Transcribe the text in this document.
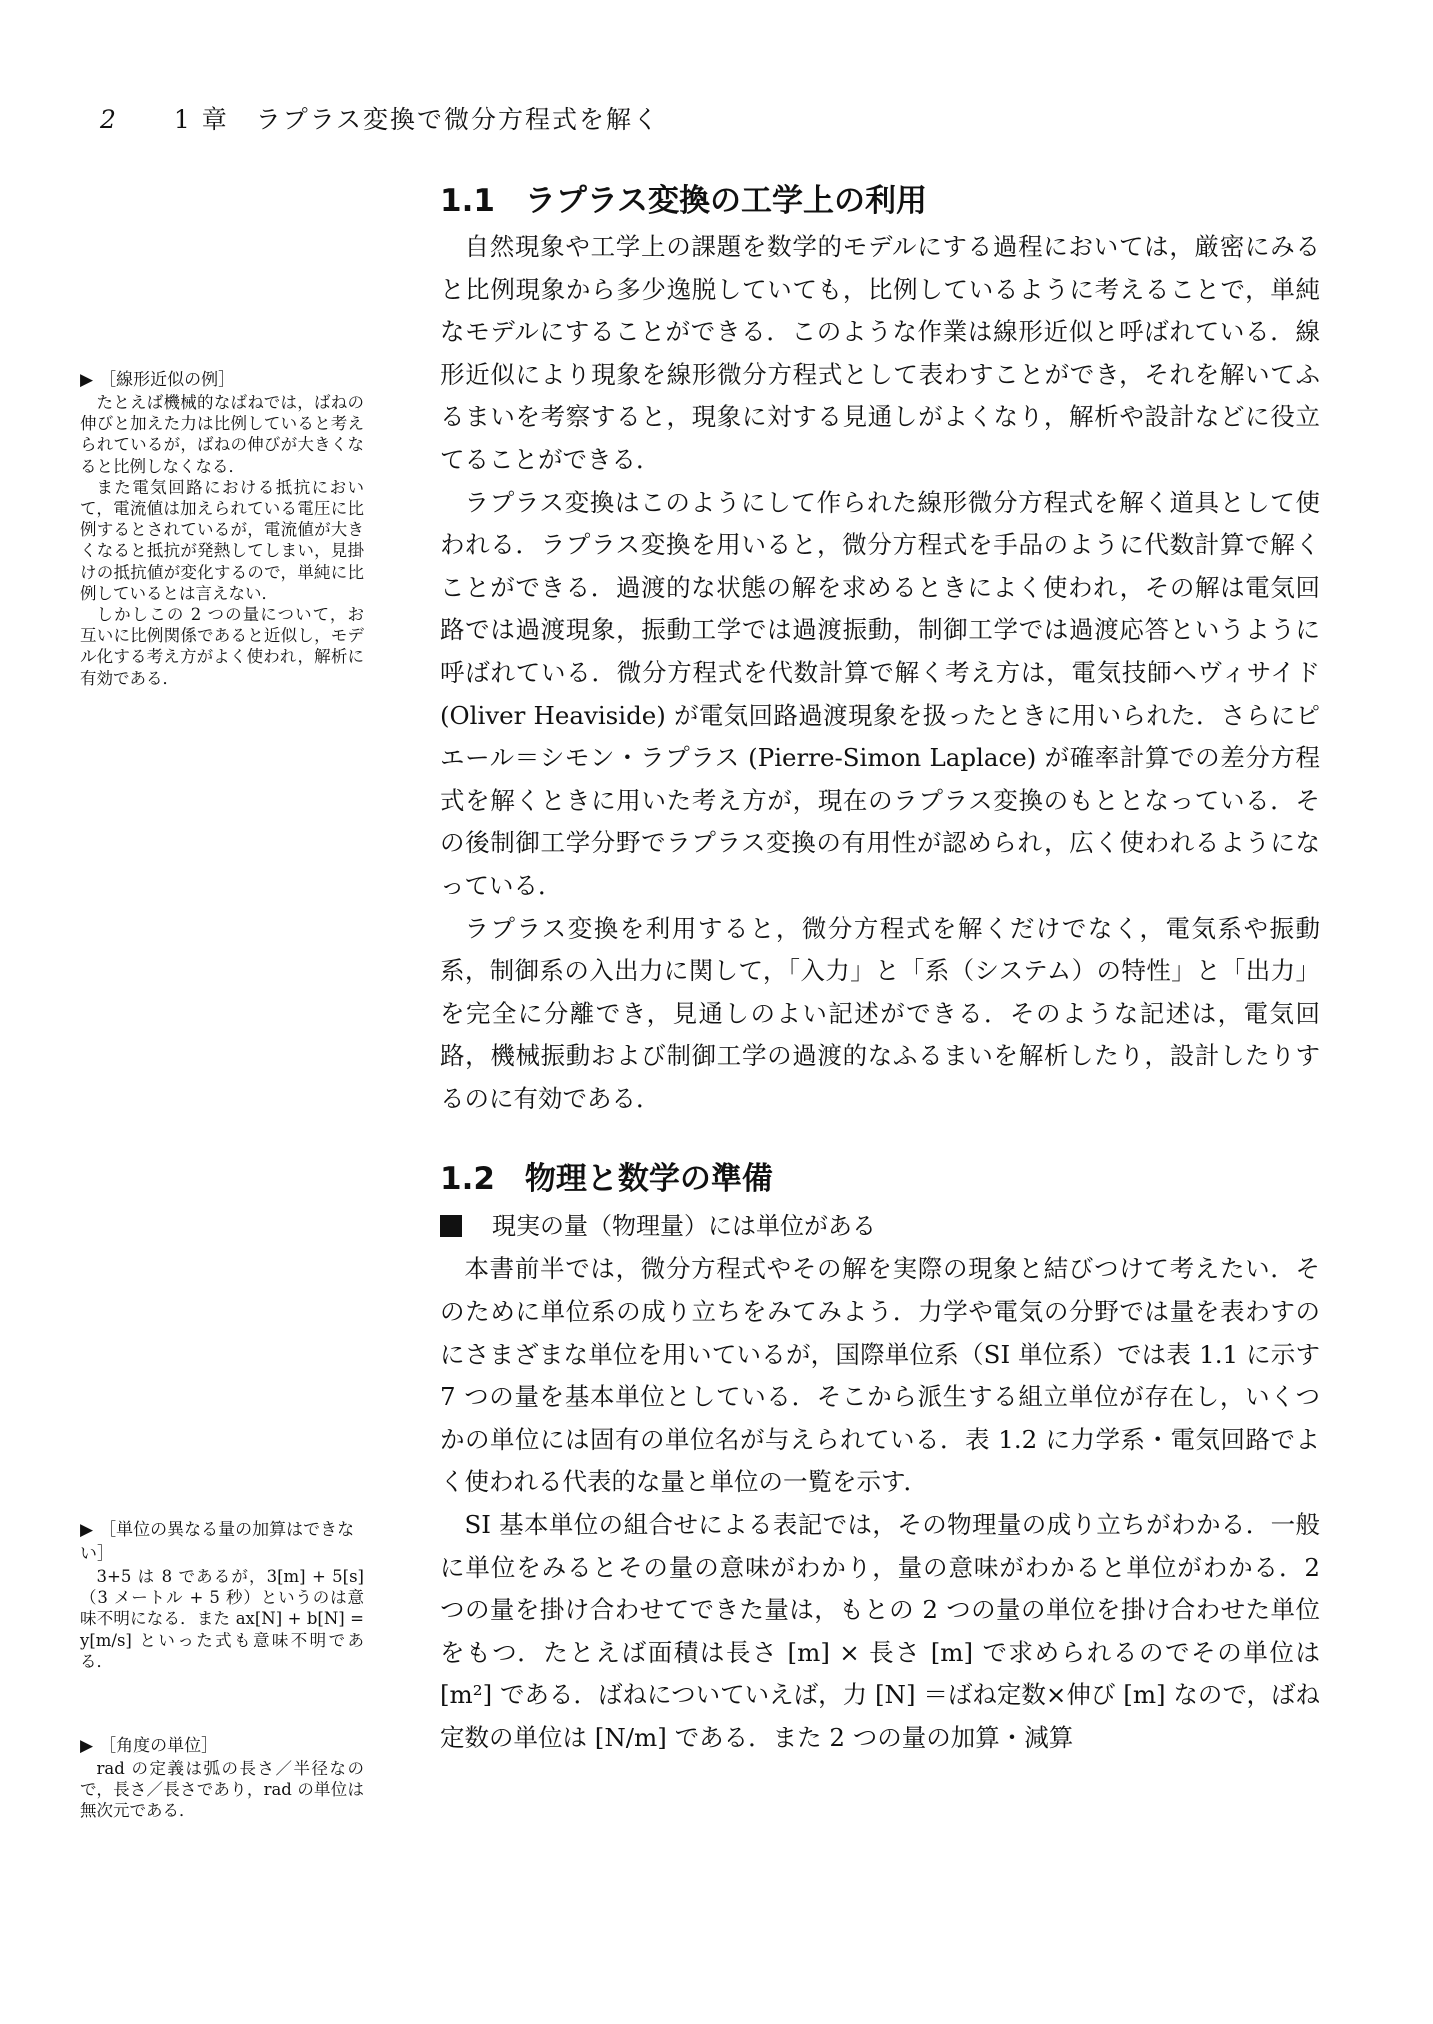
2 1 章　ラプラス変換で微分方程式を解く
1.1 ラプラス変換の工学上の利用

自然現象や工学上の課題を数学的モデルにする過程においては，厳密にみると比例現象から多少逸脱していても，比例しているように考えることで，単純なモデルにすることができる．このような作業は線形近似と呼ばれている．線形近似により現象を線形微分方程式として表わすことができ，それを解いてふるまいを考察すると，現象に対する見通しがよくなり，解析や設計などに役立てることができる．

ラプラス変換はこのようにして作られた線形微分方程式を解く道具として使われる．ラプラス変換を用いると，微分方程式を手品のように代数計算で解くことができる．過渡的な状態の解を求めるときによく使われ，その解は電気回路では過渡現象，振動工学では過渡振動，制御工学では過渡応答というように呼ばれている．微分方程式を代数計算で解く考え方は，電気技師ヘヴィサイド (Oliver Heaviside) が電気回路過渡現象を扱ったときに用いられた．さらにピエール＝シモン・ラプラス (Pierre-Simon Laplace) が確率計算での差分方程式を解くときに用いた考え方が，現在のラプラス変換のもととなっている．その後制御工学分野でラプラス変換の有用性が認められ，広く使われるようになっている．

ラプラス変換を利用すると，微分方程式を解くだけでなく，電気系や振動系，制御系の入出力に関して，「入力」と「系（システム）の特性」と「出力」を完全に分離でき，見通しのよい記述ができる．そのような記述は，電気回路，機械振動および制御工学の過渡的なふるまいを解析したり，設計したりするのに有効である．

1.2 物理と数学の準備
現実の量（物理量）には単位がある

本書前半では，微分方程式やその解を実際の現象と結びつけて考えたい．そのために単位系の成り立ちをみてみよう．力学や電気の分野では量を表わすのにさまざまな単位を用いているが，国際単位系（SI 単位系）では表 1.1 に示す 7 つの量を基本単位としている．そこから派生する組立単位が存在し，いくつかの単位には固有の単位名が与えられている．表 1.2 に力学系・電気回路でよく使われる代表的な量と単位の一覧を示す．

SI 基本単位の組合せによる表記では，その物理量の成り立ちがわかる．一般に単位をみるとその量の意味がわかり，量の意味がわかると単位がわかる．2 つの量を掛け合わせてできた量は，もとの 2 つの量の単位を掛け合わせた単位をもつ．たとえば面積は長さ [m] × 長さ [m] で求められるのでその単位は [m²] である．ばねについていえば，力 [N] ＝ばね定数×伸び [m] なので，ばね定数の単位は [N/m] である．また 2 つの量の加算・減算

▶ ［線形近似の例］

たとえば機械的なばねでは，ばねの伸びと加えた力は比例していると考えられているが，ばねの伸びが大きくなると比例しなくなる．

また電気回路における抵抗において，電流値は加えられている電圧に比例するとされているが，電流値が大きくなると抵抗が発熱してしまい，見掛けの抵抗値が変化するので，単純に比例しているとは言えない．

しかしこの 2 つの量について，お互いに比例関係であると近似し，モデル化する考え方がよく使われ，解析に有効である．

▶ ［単位の異なる量の加算はできない］

3+5 は 8 であるが，3[m] + 5[s]（3 メートル + 5 秒）というのは意味不明になる．また ax[N] + b[N] = y[m/s] といった式も意味不明である．

▶ ［角度の単位］

rad の定義は弧の長さ／半径なので，長さ／長さであり，rad の単位は無次元である．
